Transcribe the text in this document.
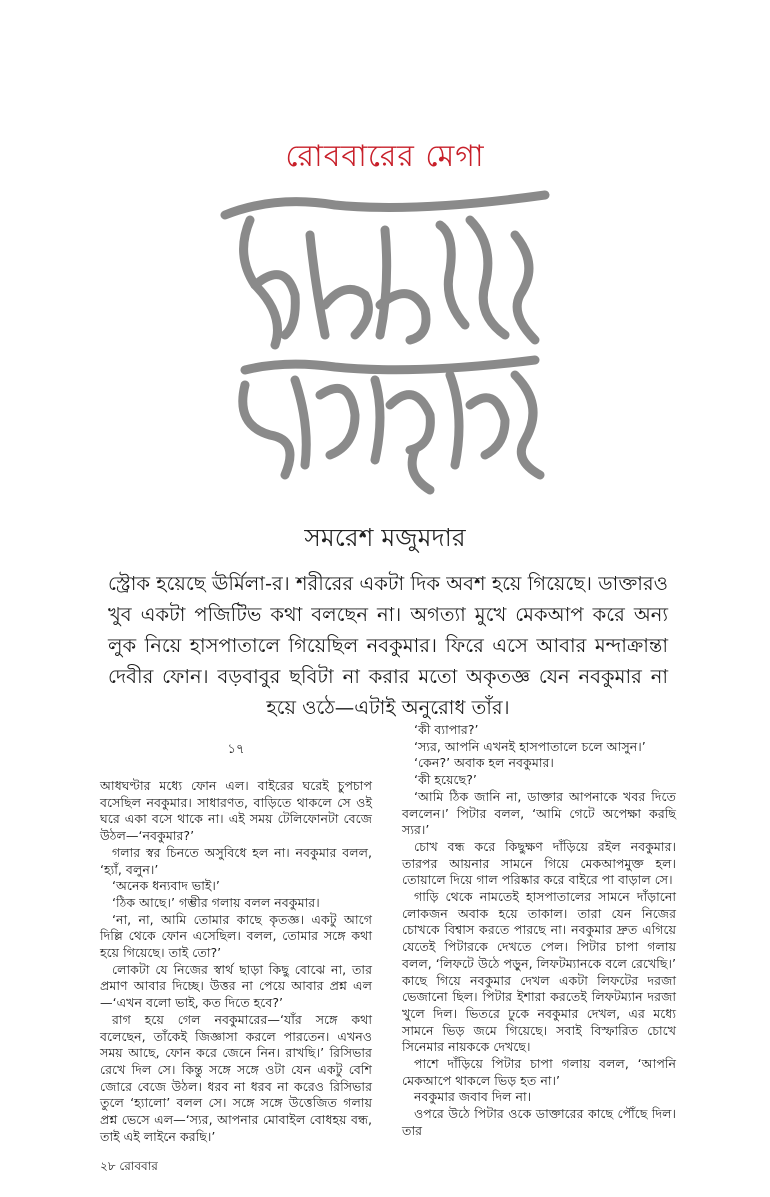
রোববারের মেগা
সমরেশ মজুমদার
স্ট্রোক হয়েছে ঊর্মিলা-র। শরীরের একটা দিক অবশ হয়ে গিয়েছে। ডাক্তারও খুব একটা পজিটিভ কথা বলছেন না। অগত্যা মুখে মেকআপ করে অন্য লুক নিয়ে হাসপাতালে গিয়েছিল নবকুমার। ফিরে এসে আবার মন্দাক্রান্তা দেবীর ফোন। বড়বাবুর ছবিটা না করার মতো অকৃতজ্ঞ যেন নবকুমার না হয়ে ওঠে—এটাই অনুরোধ তাঁর।
১৭

আধঘণ্টার মধ্যে ফোন এল। বাইরের ঘরেই চুপচাপ বসেছিল নবকুমার। সাধারণত, বাড়িতে থাকলে সে ওই ঘরে একা বসে থাকে না। এই সময় টেলিফোনটা বেজে উঠল—‘নবকুমার?’

গলার স্বর চিনতে অসুবিধে হল না। নবকুমার বলল, ‘হ্যাঁ, বলুন।’

‘অনেক ধন্যবাদ ভাই।’

‘ঠিক আছে।’ গম্ভীর গলায় বলল নবকুমার।

‘না, না, আমি তোমার কাছে কৃতজ্ঞ। একটু আগে দিল্লি থেকে ফোন এসেছিল। বলল, তোমার সঙ্গে কথা হয়ে গিয়েছে। তাই তো?’

লোকটা যে নিজের স্বার্থ ছাড়া কিছু বোঝে না, তার প্রমাণ আবার দিচ্ছে। উত্তর না পেয়ে আবার প্রশ্ন এল—‘এখন বলো ভাই, কত দিতে হবে?’

রাগ হয়ে গেল নবকুমারের—‘যাঁর সঙ্গে কথা বলেছেন, তাঁকেই জিজ্ঞাসা করলে পারতেন। এখনও সময় আছে, ফোন করে জেনে নিন। রাখছি।’ রিসিভার রেখে দিল সে। কিন্তু সঙ্গে সঙ্গে ওটা যেন একটু বেশি জোরে বেজে উঠল। ধরব না ধরব না করেও রিসিভার তুলে ‘হ্যালো’ বলল সে। সঙ্গে সঙ্গে উত্তেজিত গলায় প্রশ্ন ভেসে এল—‘স্যর, আপনার মোবাইল বোধহয় বন্ধ, তাই এই লাইনে করছি।’

‘কী ব্যাপার?’

‘স্যর, আপনি এখনই হাসপাতালে চলে আসুন।’

‘কেন?’ অবাক হল নবকুমার।

‘কী হয়েছে?’

‘আমি ঠিক জানি না, ডাক্তার আপনাকে খবর দিতে বললেন।’ পিটার বলল, ‘আমি গেটে অপেক্ষা করছি স্যর।’

চোখ বন্ধ করে কিছুক্ষণ দাঁড়িয়ে রইল নবকুমার। তারপর আয়নার সামনে গিয়ে মেকআপমুক্ত হল। তোয়ালে দিয়ে গাল পরিষ্কার করে বাইরে পা বাড়াল সে।

গাড়ি থেকে নামতেই হাসপাতালের সামনে দাঁড়ানো লোকজন অবাক হয়ে তাকাল। তারা যেন নিজের চোখকে বিশ্বাস করতে পারছে না। নবকুমার দ্রুত এগিয়ে যেতেই পিটারকে দেখতে পেল। পিটার চাপা গলায় বলল, ‘লিফটে উঠে পড়ুন, লিফটম্যানকে বলে রেখেছি।’ কাছে গিয়ে নবকুমার দেখল একটা লিফটের দরজা ভেজানো ছিল। পিটার ইশারা করতেই লিফটম্যান দরজা খুলে দিল। ভিতরে ঢুকে নবকুমার দেখল, এর মধ্যে সামনে ভিড় জমে গিয়েছে। সবাই বিস্ফারিত চোখে সিনেমার নায়ককে দেখছে।

পাশে দাঁড়িয়ে পিটার চাপা গলায় বলল, ‘আপনি মেকআপে থাকলে ভিড় হত না।’

নবকুমার জবাব দিল না।

ওপরে উঠে পিটার ওকে ডাক্তারের কাছে পৌঁছে দিল। তার

২৮ রোববার
